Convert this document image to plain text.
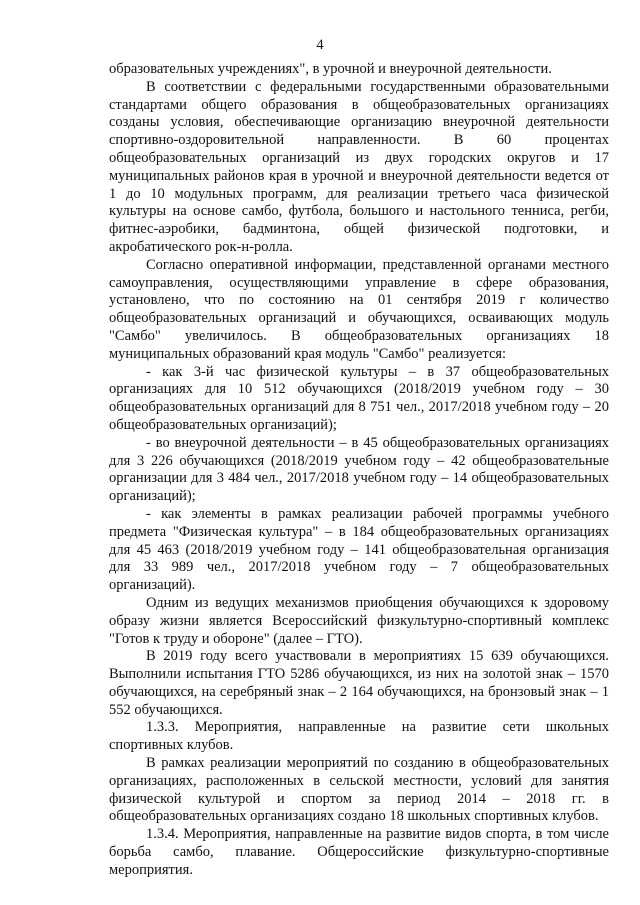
4

образовательных учреждениях", в урочной и внеурочной деятельности.

В соответствии с федеральными государственными образовательными стандартами общего образования в общеобразовательных организациях созданы условия, обеспечивающие организацию внеурочной деятельности спортивно-оздоровительной направленности. В 60 процентах общеобразовательных организаций из двух городских округов и 17 муниципальных районов края в урочной и внеурочной деятельности ведется от 1 до 10 модульных программ, для реализации третьего часа физической культуры на основе самбо, футбола, большого и настольного тенниса, регби, фитнес-аэробики, бадминтона, общей физической подготовки, и акробатического рок-н-ролла.

Согласно оперативной информации, представленной органами местного самоуправления, осуществляющими управление в сфере образования, установлено, что по состоянию на 01 сентября 2019 г количество общеобразовательных организаций и обучающихся, осваивающих модуль "Самбо" увеличилось. В общеобразовательных организациях 18 муниципальных образований края модуль "Самбо" реализуется:

- как 3-й час физической культуры – в 37 общеобразовательных организациях для 10 512 обучающихся (2018/2019 учебном году – 30 общеобразовательных организаций для 8 751 чел., 2017/2018 учебном году – 20 общеобразовательных организаций);

- во внеурочной деятельности – в 45 общеобразовательных организациях для 3 226 обучающихся (2018/2019 учебном году – 42 общеобразовательные организации для 3 484 чел., 2017/2018 учебном году – 14 общеобразовательных организаций);

- как элементы в рамках реализации рабочей программы учебного предмета "Физическая культура" – в 184 общеобразовательных организациях для 45 463 (2018/2019 учебном году – 141 общеобразовательная организация для 33 989 чел., 2017/2018 учебном году – 7 общеобразовательных организаций).

Одним из ведущих механизмов приобщения обучающихся к здоровому образу жизни является Всероссийский физкультурно-спортивный комплекс "Готов к труду и обороне" (далее – ГТО).

В 2019 году всего участвовали в мероприятиях 15 639 обучающихся. Выполнили испытания ГТО 5286 обучающихся, из них на золотой знак – 1570 обучающихся, на серебряный знак – 2 164 обучающихся, на бронзовый знак – 1 552 обучающихся.

1.3.3. Мероприятия, направленные на развитие сети школьных спортивных клубов.

В рамках реализации мероприятий по созданию в общеобразовательных организациях, расположенных в сельской местности, условий для занятия физической культурой и спортом за период 2014 – 2018 гг. в общеобразовательных организациях создано 18 школьных спортивных клубов.

1.3.4. Мероприятия, направленные на развитие видов спорта, в том числе борьба самбо, плавание. Общероссийские физкультурно-спортивные мероприятия.
